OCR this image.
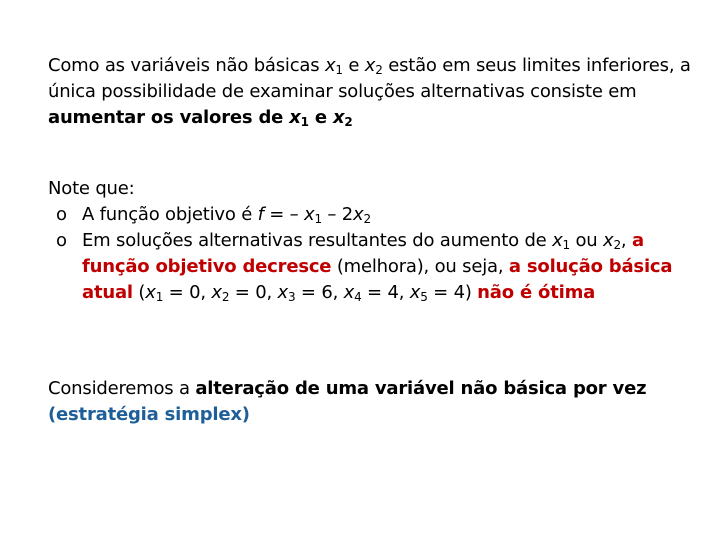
Como as variáveis não básicas $x_1$ e $x_2$ estão em seus limites inferiores, a única possibilidade de examinar soluções alternativas consiste em aumentar os valores de $x_1$ e $x_2$
Note que:
o A função objetivo é f = – $x_1 - 2x_2$
o Em soluções alternativas resultantes do aumento de $x_1$ ou $x_2$, a função objetivo decresce (melhora), ou seja, a solução básica atual ($x_1 = 0$, $x_2 = 0$, $x_3 = 6$, $x_4 = 4$, $x_5 = 4$) não é ótima
Consideremos a alteração de uma variável não básica por vez (estratégia simplex)
